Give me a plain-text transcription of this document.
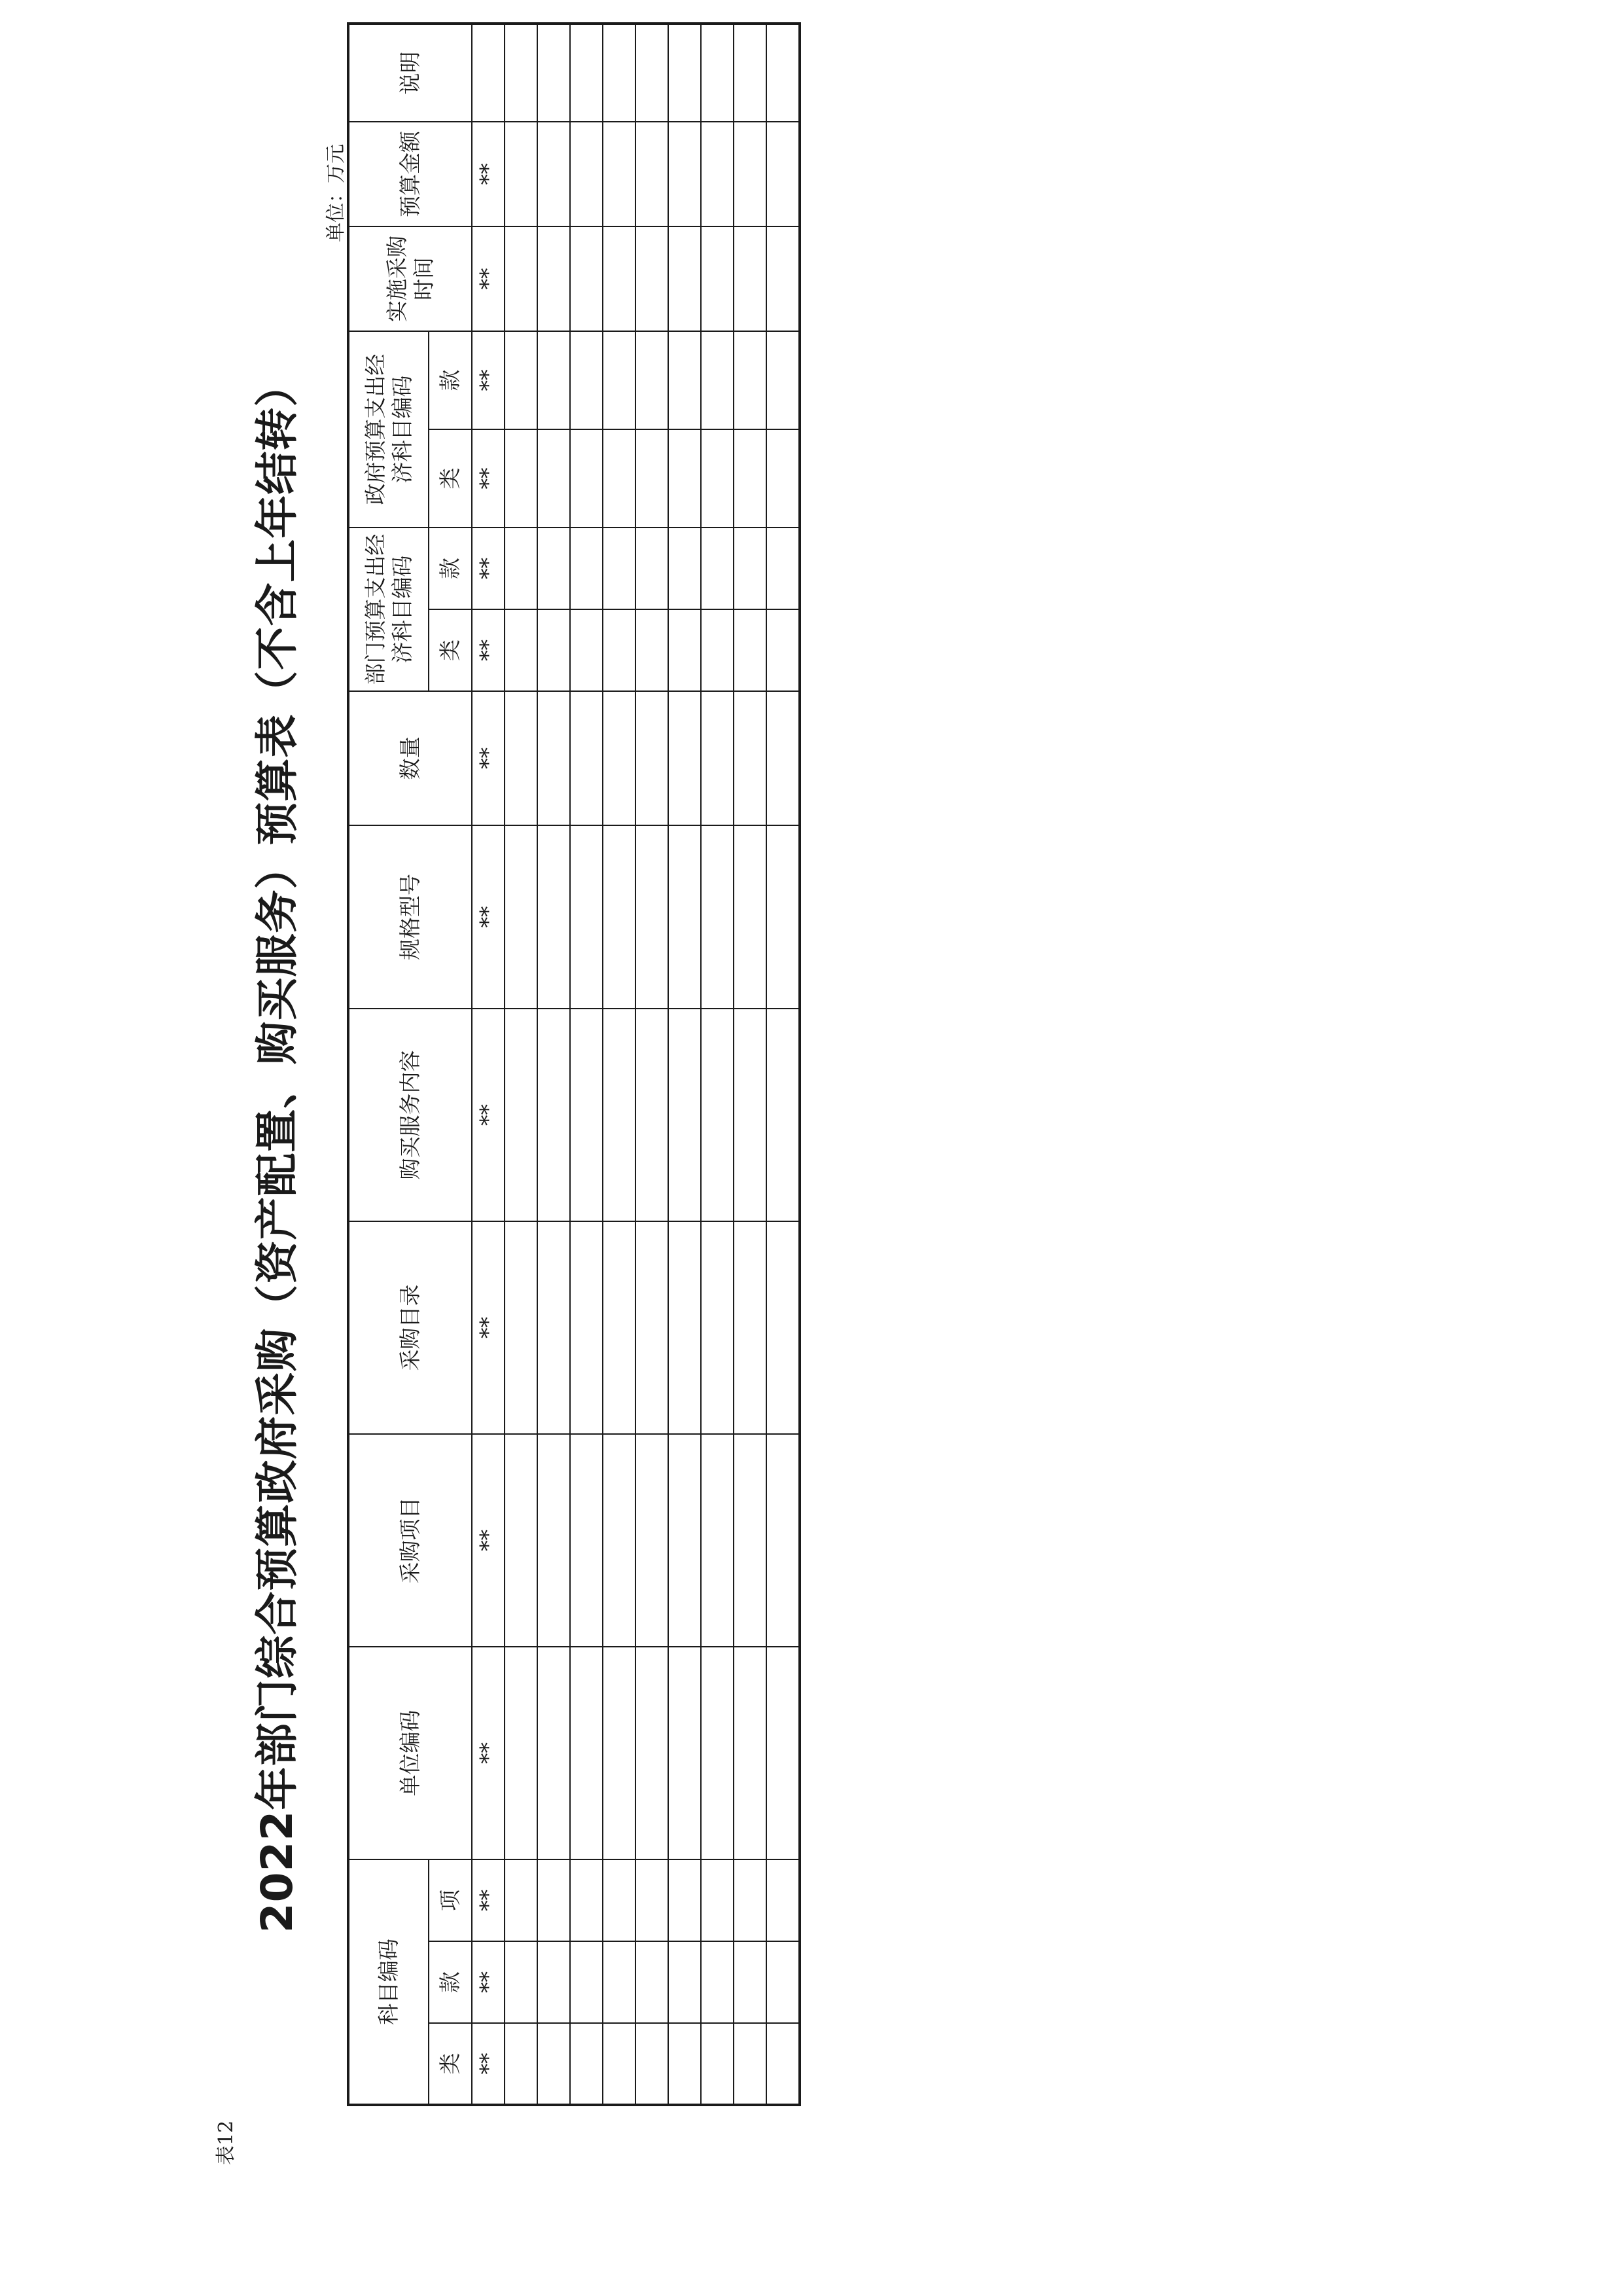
表12
2022年部门综合预算政府采购（资产配置、购买服务）预算表（不含上年结转）
单位：万元
科目编码			单位编码	采购项目	采购目录	购买服务内容	规格型号	数量	部门预算支出经济科目编码		政府预算支出经济科目编码		实施采购时间	预算金额	说明
类	款	项							类	款	类	款			
**	**	**	**	**	**	**	**	**	**	**	**	**	**	**	
